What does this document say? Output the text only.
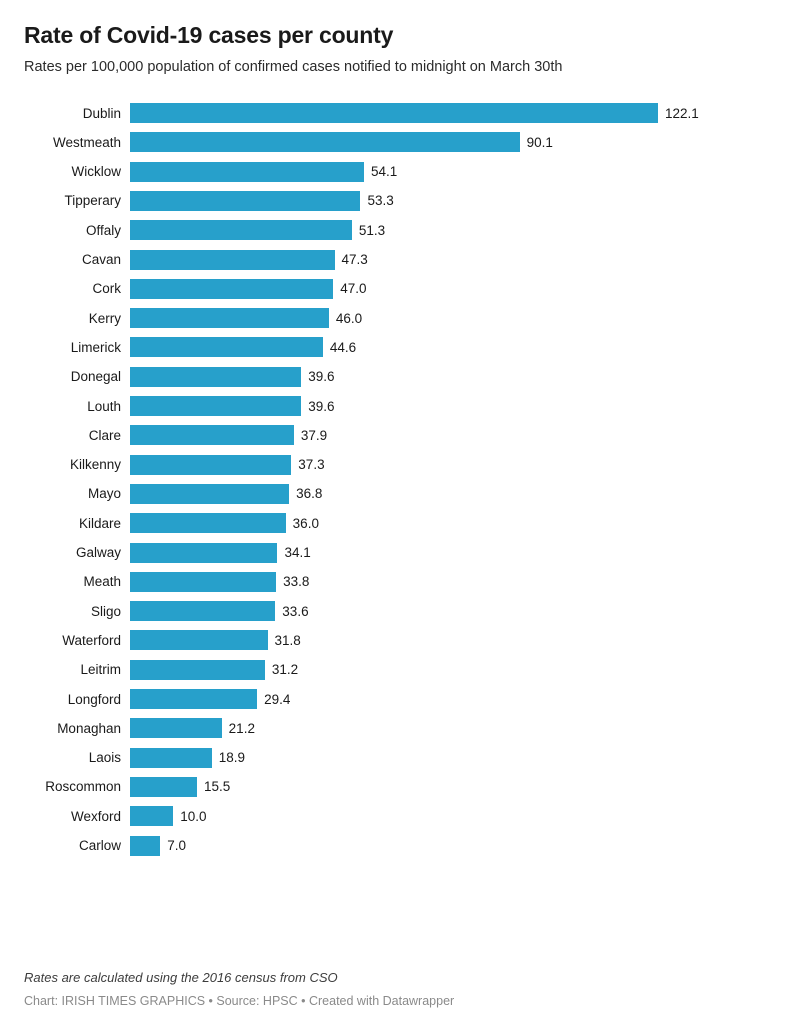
Rate of Covid-19 cases per county

Rates per 100,000 population of confirmed cases notified to midnight on March 30th

Dublin	122.1
Westmeath	90.1
Wicklow	54.1
Tipperary	53.3
Offaly	51.3
Cavan	47.3
Cork	47.0
Kerry	46.0
Limerick	44.6
Donegal	39.6
Louth	39.6
Clare	37.9
Kilkenny	37.3
Mayo	36.8
Kildare	36.0
Galway	34.1
Meath	33.8
Sligo	33.6
Waterford	31.8
Leitrim	31.2
Longford	29.4
Monaghan	21.2
Laois	18.9
Roscommon	15.5
Wexford	10.0
Carlow	7.0
Rates are calculated using the 2016 census from CSO
Chart: IRISH TIMES GRAPHICS • Source: HPSC • Created with Datawrapper
